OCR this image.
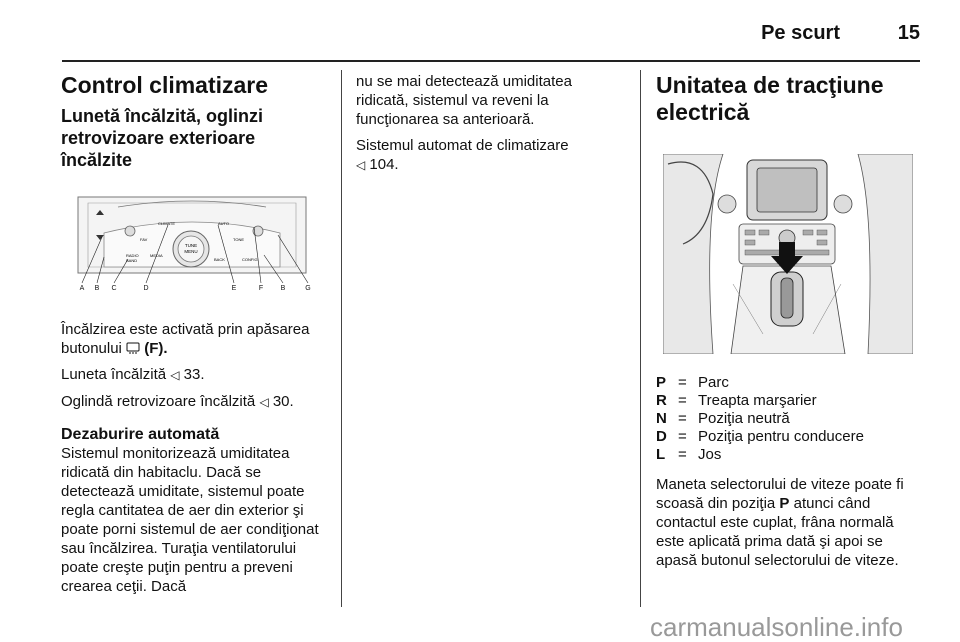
Pe scurt	15
Control climatizare
Lunetă încălzită, oglinzi retrovizoare exterioare încălzite
TUNE
MENU
CLIMATE	AUTO
FAV	TONE
RADIO
BAND
MEDIA
BACK	CONFIG
A B C	D	E	F	B	G

Încălzirea este activată prin apăsarea butonului (F).

Luneta încălzită ◁ 33.

Oglindă retrovizoare încălzită ◁ 30.

Dezaburire automată

Sistemul monitorizează umiditatea ridicată din habitaclu. Dacă se detectează umiditate, sistemul poate regla cantitatea de aer din exterior şi poate porni sistemul de aer condiţionat sau încălzirea. Turaţia ventilatorului poate creşte puţin pentru a preveni crearea ceţii. Dacă

nu se mai detectează umiditatea ridicată, sistemul va reveni la funcţionarea sa anterioară.

Sistemul automat de climatizare
◁ 104.

Unitatea de tracţiune electrică
P = Parc
R = Treapta marşarier
N = Poziţia neutră
D = Poziţia pentru conducere
L = Jos

Maneta selectorului de viteze poate fi scoasă din poziţia P atunci când contactul este cuplat, frâna normală este aplicată prima dată şi apoi se apasă butonul selectorului de viteze.

carmanualsonline.info
